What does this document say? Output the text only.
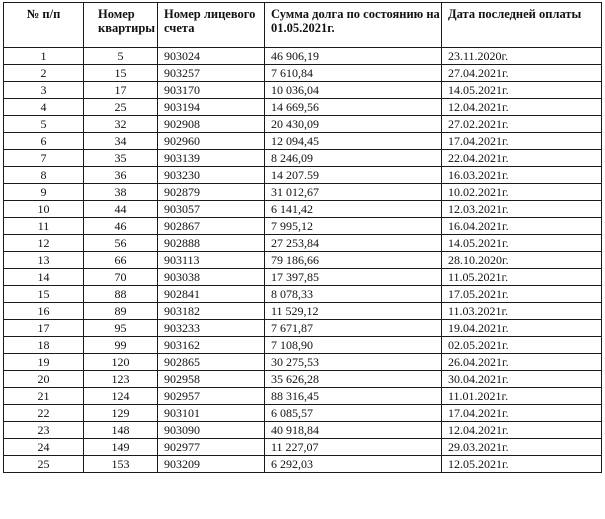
№ п/п	Номер квартиры	Номер лицевого счета	Сумма долга по состоянию на 01.05.2021г.	Дата последней оплаты
1	5	903024	46 906,19	23.11.2020г.
2	15	903257	7 610,84	27.04.2021г.
3	17	903170	10 036,04	14.05.2021г.
4	25	903194	14 669,56	12.04.2021г.
5	32	902908	20 430,09	27.02.2021г.
6	34	902960	12 094,45	17.04.2021г.
7	35	903139	8 246,09	22.04.2021г.
8	36	903230	14 207.59	16.03.2021г.
9	38	902879	31 012,67	10.02.2021г.
10	44	903057	6 141,42	12.03.2021г.
11	46	902867	7 995,12	16.04.2021г.
12	56	902888	27 253,84	14.05.2021г.
13	66	903113	79 186,66	28.10.2020г.
14	70	903038	17 397,85	11.05.2021г.
15	88	902841	8 078,33	17.05.2021г.
16	89	903182	11 529,12	11.03.2021г.
17	95	903233	7 671,87	19.04.2021г.
18	99	903162	7 108,90	02.05.2021г.
19	120	902865	30 275,53	26.04.2021г.
20	123	902958	35 626,28	30.04.2021г.
21	124	902957	88 316,45	11.01.2021г.
22	129	903101	6 085,57	17.04.2021г.
23	148	903090	40 918,84	12.04.2021г.
24	149	902977	11 227,07	29.03.2021г.
25	153	903209	6 292,03	12.05.2021г.
